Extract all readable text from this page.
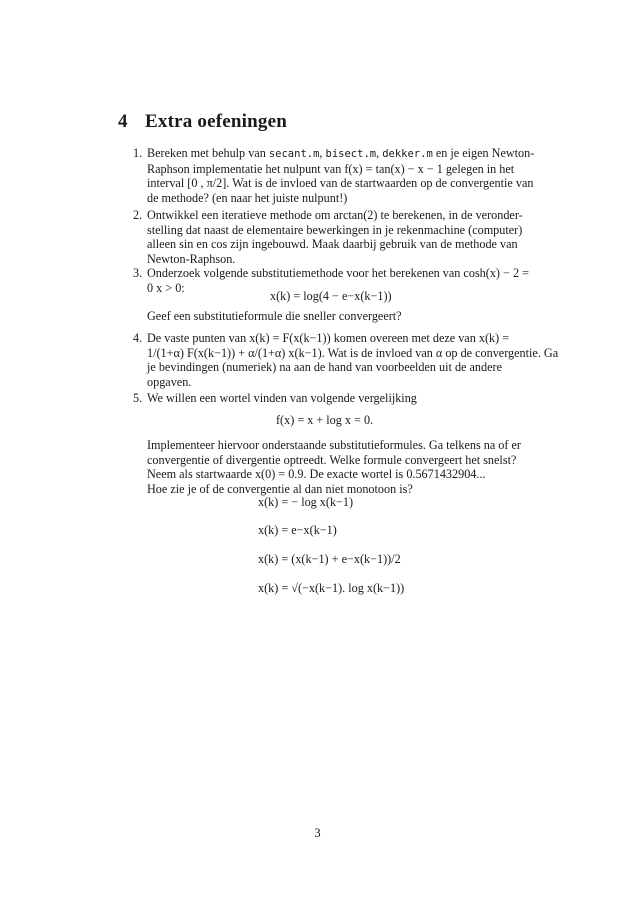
4 Extra oefeningen
1. Bereken met behulp van secant.m, bisect.m, dekker.m en je eigen Newton-
Raphson implementatie het nulpunt van f(x) = tan(x) − x − 1 gelegen in het
interval [0 , π/2]. Wat is de invloed van de startwaarden op de convergentie van
de methode? (en naar het juiste nulpunt!)
2. Ontwikkel een iteratieve methode om arctan(2) te berekenen, in de veronder-
stelling dat naast de elementaire bewerkingen in je rekenmachine (computer)
alleen sin en cos zijn ingebouwd. Maak daarbij gebruik van de methode van
Newton-Raphson.
3. Onderzoek volgende substitutiemethode voor het berekenen van cosh(x) − 2 =
0 x > 0:
x(k) = log(4 − e−x(k−1))
Geef een substitutieformule die sneller convergeert?
4. De vaste punten van x(k) = F(x(k−1)) komen overeen met deze van x(k) =
1/(1+α) F(x(k−1)) + α/(1+α) x(k−1). Wat is de invloed van α op de convergentie. Ga
je bevindingen (numeriek) na aan de hand van voorbeelden uit de andere
opgaven.
5. We willen een wortel vinden van volgende vergelijking
f(x) = x + log x = 0.
Implementeer hiervoor onderstaande substitutieformules. Ga telkens na of er
convergentie of divergentie optreedt. Welke formule convergeert het snelst?
Neem als startwaarde x(0) = 0.9. De exacte wortel is 0.5671432904...
Hoe zie je of de convergentie al dan niet monotoon is?
x(k) = − log x(k−1)
x(k) = e−x(k−1)
x(k) = (x(k−1) + e−x(k−1))/2
x(k) = √(−x(k−1). log x(k−1))
3
